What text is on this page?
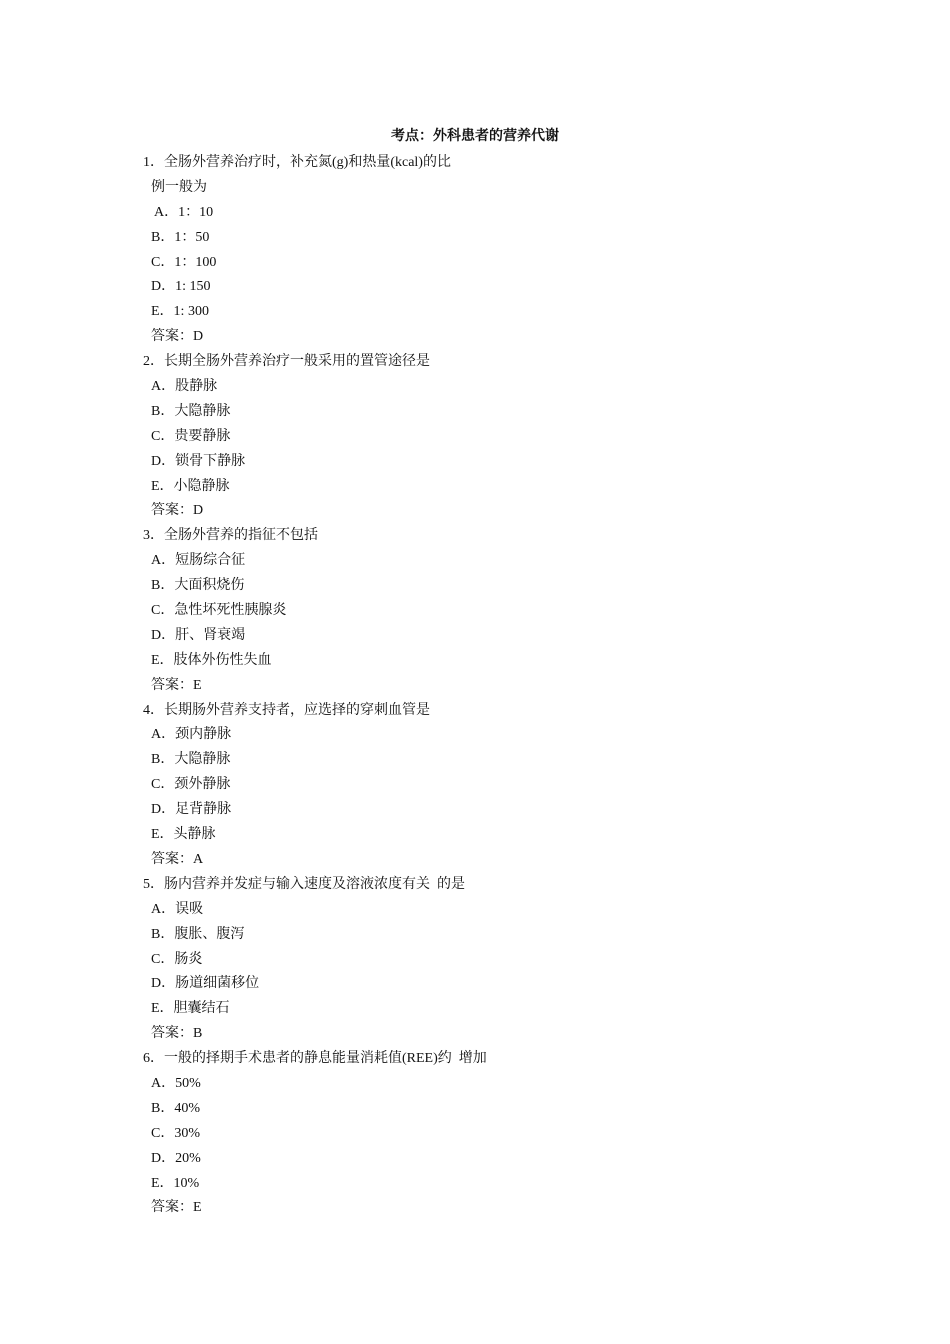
考点：外科患者的营养代谢
1．全肠外营养治疗时，补充氮(g)和热量(kcal)的比
例一般为
A．1：10
B．1：50
C．1：100
D．1: 150
E．1: 300
答案：D
2．长期全肠外营养治疗一般采用的置管途径是
A．股静脉
B．大隐静脉
C．贵要静脉
D．锁骨下静脉
E．小隐静脉
答案：D
3．全肠外营养的指征不包括
A．短肠综合征
B．大面积烧伤
C．急性坏死性胰腺炎
D．肝、肾衰竭
E．肢体外伤性失血
答案：E
4．长期肠外营养支持者，应选择的穿刺血管是
A．颈内静脉
B．大隐静脉
C．颈外静脉
D．足背静脉
E．头静脉
答案：A
5．肠内营养并发症与输入速度及溶液浓度有关  的是
A．误吸
B．腹胀、腹泻
C．肠炎
D．肠道细菌移位
E．胆囊结石
答案：B
6．一般的择期手术患者的静息能量消耗值(REE)约  增加
A．50%
B．40%
C．30%
D．20%
E．10%
答案：E
